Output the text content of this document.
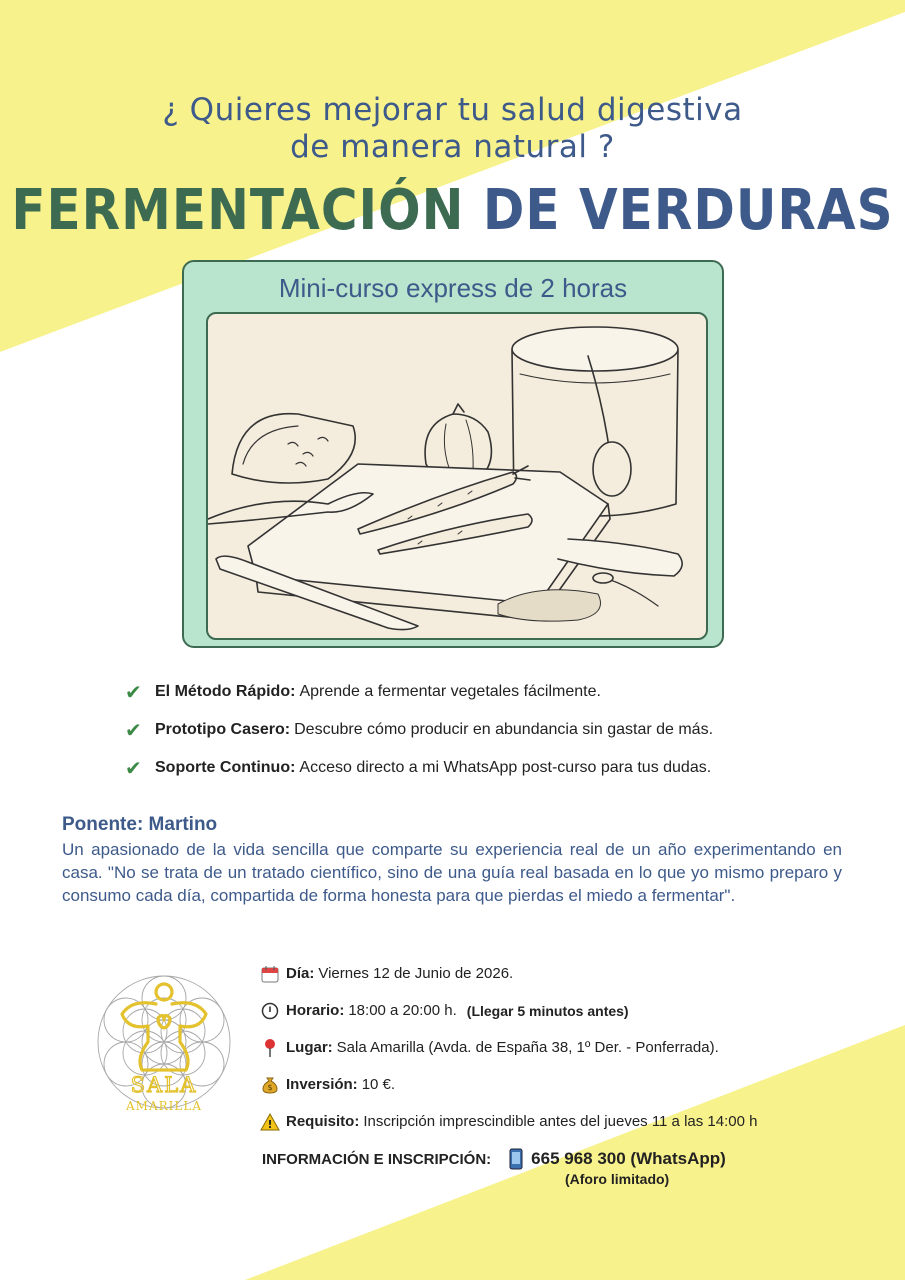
¿ Quieres mejorar tu salud digestiva
de manera natural ?
FERMENTACIÓN DE VERDURAS
Mini-curso express de 2 horas
✔ El Método Rápido: Aprende a fermentar vegetales fácilmente.
✔ Prototipo Casero: Descubre cómo producir en abundancia sin gastar de más.
✔ Soporte Continuo: Acceso directo a mi WhatsApp post-curso para tus dudas.
Ponente: Martino
Un apasionado de la vida sencilla que comparte su experiencia real de un año experimentando en casa. "No se trata de un tratado científico, sino de una guía real basada en lo que yo mismo preparo y consumo cada día, compartida de forma honesta para que pierdas el miedo a fermentar".
SALA
AMARILLA
Día: Viernes 12 de Junio de 2026.
Horario: 18:00 a 20:00 h. (Llegar 5 minutos antes)
Lugar: Sala Amarilla (Avda. de España 38, 1º Der. - Ponferrada).
$ Inversión: 10 €.
! Requisito: Inscripción imprescindible antes del jueves 11 a las 14:00 h
INFORMACIÓN E INSCRIPCIÓN: 665 968 300 (WhatsApp)
(Aforo limitado)
